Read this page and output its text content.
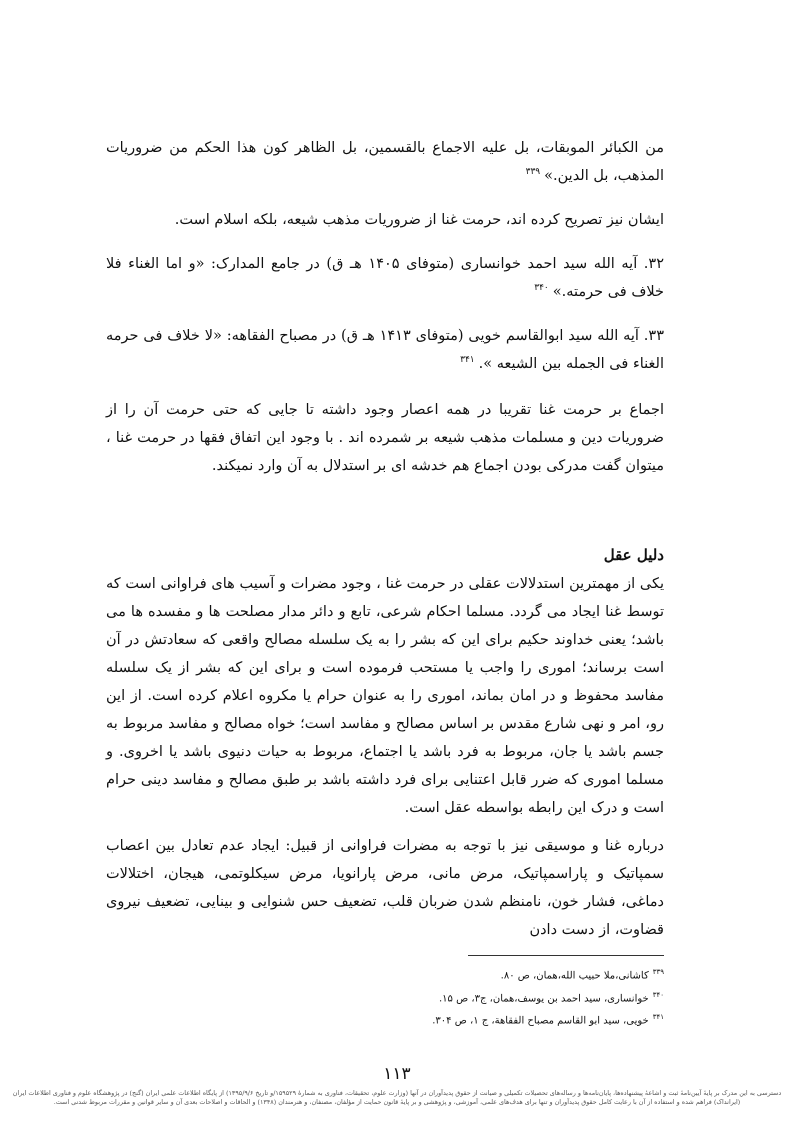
من الكبائر الموبقات، بل عليه الاجماع بالقسمين، بل الظاهر كون هذا الحكم من ضروريات المذهب، بل الدين.»$^{۳۳۹}$

ایشان نیز تصریح کرده اند، حرمت غنا از ضروریات مذهب شیعه، بلکه اسلام است.

۳۲. آیه الله سید احمد خوانساری (متوفای ۱۴۰۵ هـ ق) در جامع المدارک: «و اما الغناء فلا خلاف فی حرمته.»$^{۳۴۰}$

۳۳. آیه الله سید ابوالقاسم خویی (متوفای ۱۴۱۳ هـ ق) در مصباح الفقاهه: «لا خلاف فی حرمه الغناء فی الجمله بین الشیعه ».$^{۳۴۱}$

اجماع بر حرمت غنا تقریبا در همه اعصار وجود داشته تا جایی که حتی حرمت آن را از ضروریات دین و مسلمات مذهب شیعه بر شمرده اند . با وجود این اتفاق فقها در حرمت غنا ، میتوان گفت مدرکی بودن اجماع هم خدشه ای بر استدلال به آن وارد نمیکند.

دلیل عقل

یکی از مهمترین استدلالات عقلی در حرمت غنا ، وجود مضرات و آسیب های فراوانی است که توسط غنا ایجاد می گردد. مسلما احکام شرعی، تابع و دائر مدار مصلحت ها و مفسده ها می باشد؛ یعنی خداوند حکیم برای این که بشر را به یک سلسله مصالح واقعی که سعادتش در آن است برساند؛ اموری را واجب یا مستحب فرموده است و برای این که بشر از یک سلسله مفاسد محفوظ و در امان بماند، اموری را به عنوان حرام یا مکروه اعلام کرده است. از این رو، امر و نهی شارع مقدس بر اساس مصالح و مفاسد است؛ خواه مصالح و مفاسد مربوط به جسم باشد یا جان، مربوط به فرد باشد یا اجتماع، مربوط به حیات دنیوی باشد یا اخروی. و مسلما اموری که ضرر قابل اعتنایی برای فرد داشته باشد بر طبق مصالح و مفاسد دینی حرام است و درک این رابطه بواسطه عقل است.

درباره غنا و موسیقی نیز با توجه به مضرات فراوانی از قبیل: ایجاد عدم تعادل بین اعصاب سمپاتیک و پاراسمپاتیک، مرض مانی، مرض پارانویا، مرض سیکلوتمی، هیجان، اختلالات دماغی، فشار خون، نامنظم شدن ضربان قلب، تضعیف حس شنوایی و بینایی، تضعیف نیروی قضاوت، از دست دادن

$^{۳۳۹}$کاشانی،ملا حبیب الله،همان، ص ۸۰.
$^{۳۴۰}$خوانساری، سید احمد بن یوسف،همان، ج۳، ص ۱۵.
$^{۳۴۱}$خویی، سید ابو القاسم مصباح الفقاهة، ج ۱، ص ۳۰۴.
۱۱۳
دسترسی به این مدرک بر پایهٔ آیین‌نامهٔ ثبت و اشاعهٔ پیشنهاده‌ها، پایان‌نامه‌ها و رساله‌های تحصیلات تکمیلی و صیانت از حقوق پدیدآوران در آنها (وزارت علوم، تحقیقات، فناوری به شمارهٔ ۱۵۹۵۲۹/و تاریخ ۱۳۹۵/۹/۶) از پایگاه اطلاعات علمی ایران (گنج) در پژوهشگاه علوم و فناوری اطلاعات ایران (ایرانداک) فراهم شده و استفاده از آن با رعایت کامل حقوق پدیدآوران و تنها برای هدف‌های علمی، آموزشی، و پژوهشی و بر پایهٔ قانون حمایت از مؤلفان، مصنفان، و هنرمندان (۱۳۴۸) و الحاقات و اصلاحات بعدی آن و سایر قوانین و مقررات مربوط شدنی است.
